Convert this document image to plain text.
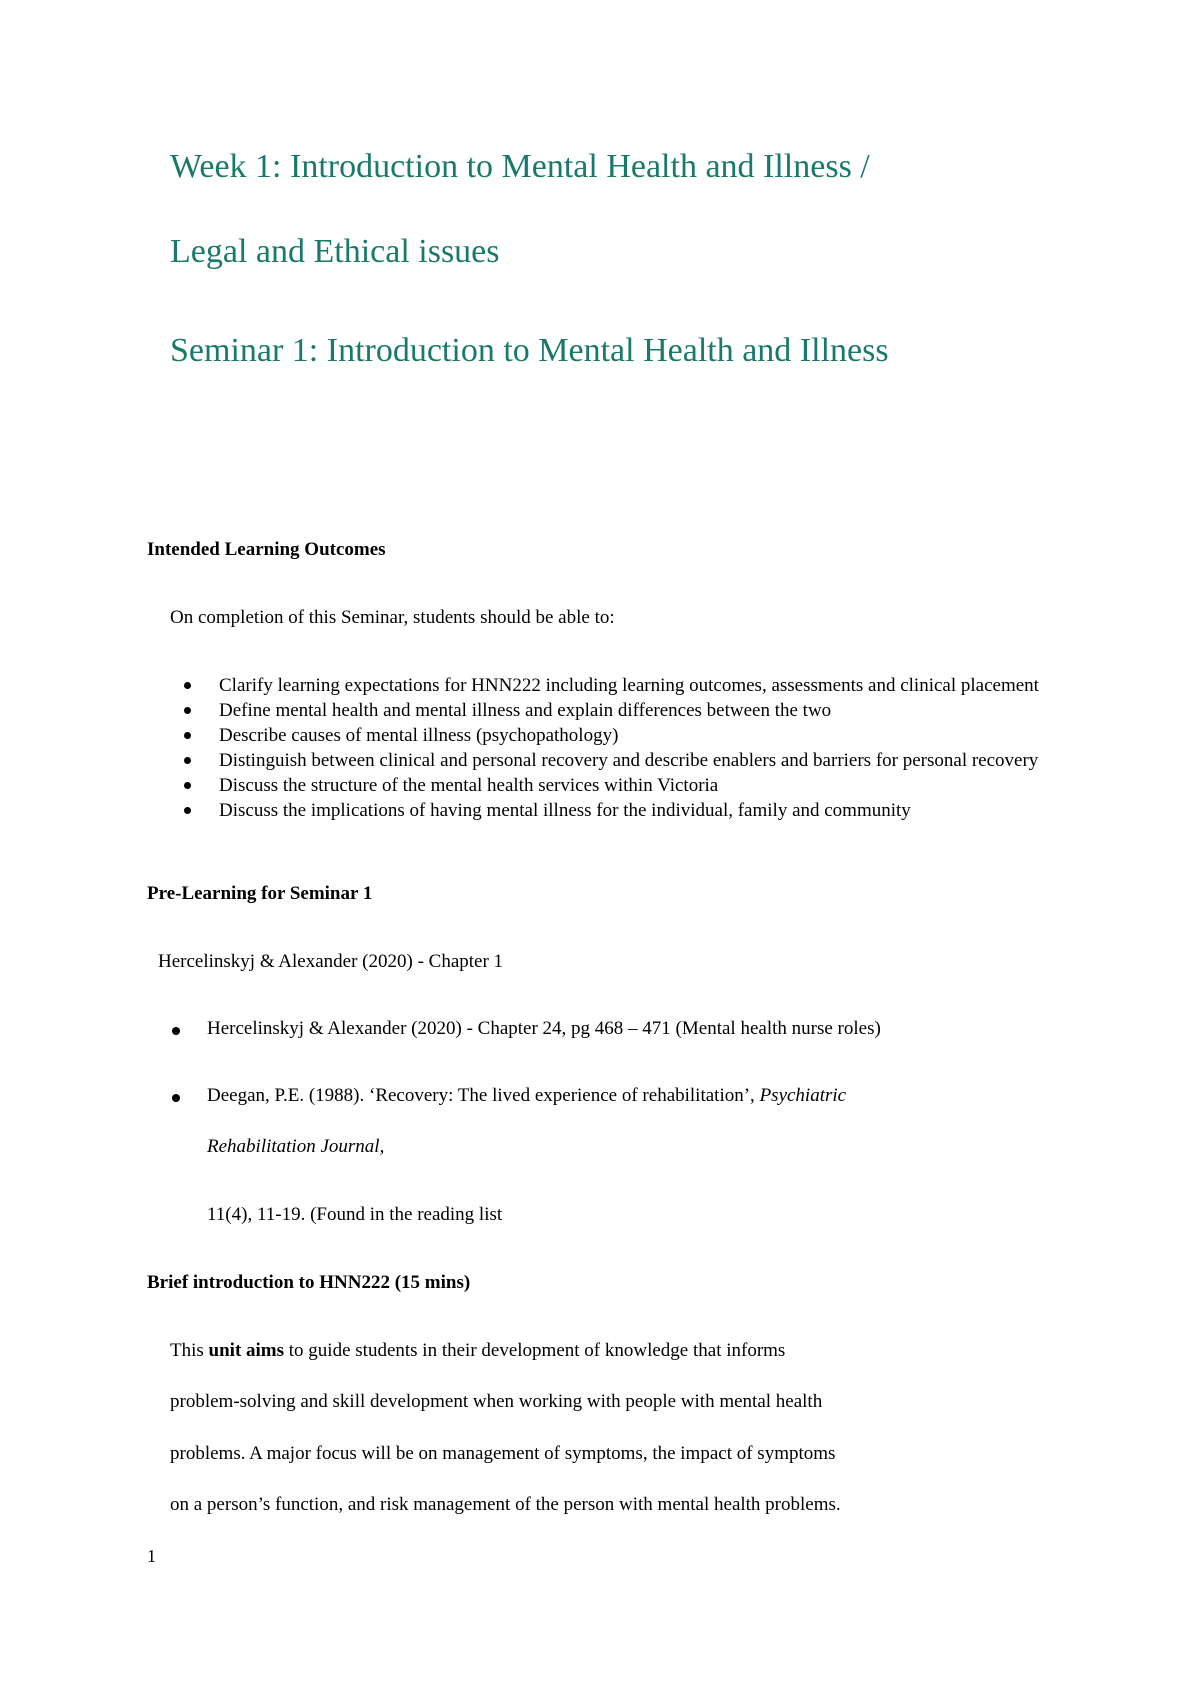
Week 1: Introduction to Mental Health and Illness /
Legal and Ethical issues
Seminar 1: Introduction to Mental Health and Illness
Intended Learning Outcomes
On completion of this Seminar, students should be able to:
Clarify learning expectations for HNN222 including learning outcomes, assessments and clinical placement
Define mental health and mental illness and explain differences between the two
Describe causes of mental illness (psychopathology)
Distinguish between clinical and personal recovery and describe enablers and barriers for personal recovery
Discuss the structure of the mental health services within Victoria
Discuss the implications of having mental illness for the individual, family and community
Pre-Learning for Seminar 1
Hercelinskyj & Alexander (2020) - Chapter 1
Hercelinskyj & Alexander (2020) - Chapter 24, pg 468 – 471 (Mental health nurse roles)
Deegan, P.E. (1988). ‘Recovery: The lived experience of rehabilitation’, Psychiatric
Rehabilitation Journal,
11(4), 11-19. (Found in the reading list
Brief introduction to HNN222 (15 mins)
This unit aims to guide students in their development of knowledge that informs
problem-solving and skill development when working with people with mental health
problems. A major focus will be on management of symptoms, the impact of symptoms
on a person’s function, and risk management of the person with mental health problems.
1
